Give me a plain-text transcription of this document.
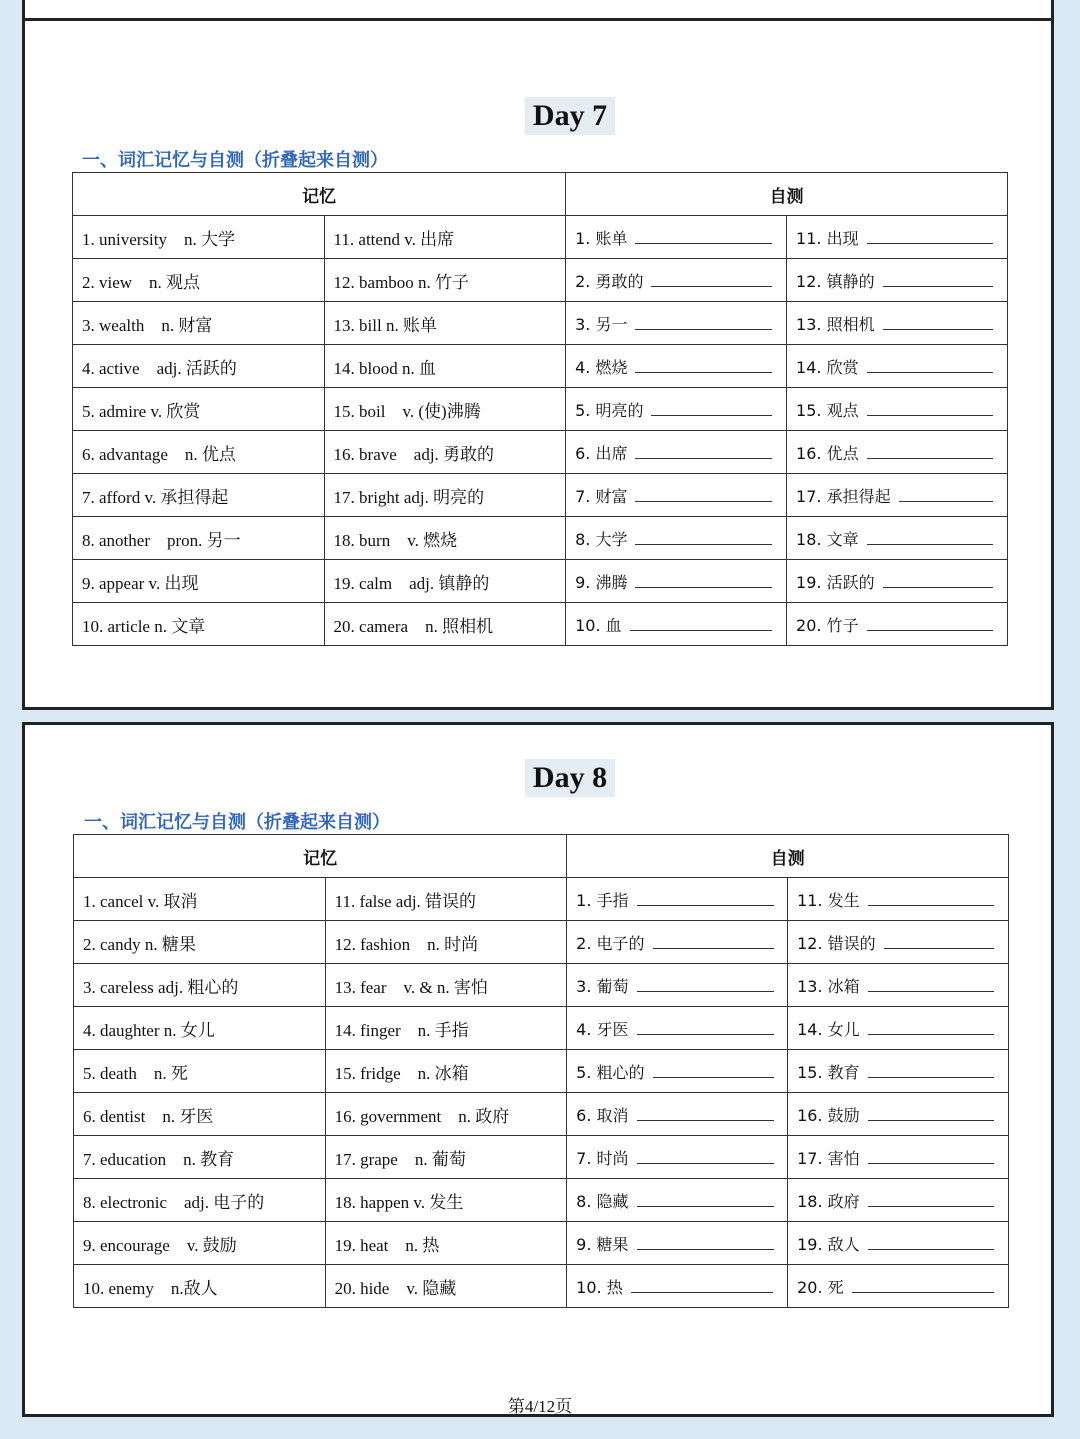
Day 7
一、词汇记忆与自测（折叠起来自测）
记忆		自测	
1. university　n. 大学	11. attend v. 出席	1. 账单	11. 出现
2. view　n. 观点	12. bamboo n. 竹子	2. 勇敢的	12. 镇静的
3. wealth　n. 财富	13. bill n. 账单	3. 另一	13. 照相机
4. active　adj. 活跃的	14. blood n. 血	4. 燃烧	14. 欣赏
5. admire v. 欣赏	15. boil　v. (使)沸腾	5. 明亮的	15. 观点
6. advantage　n. 优点	16. brave　adj. 勇敢的	6. 出席	16. 优点
7. afford v. 承担得起	17. bright adj. 明亮的	7. 财富	17. 承担得起
8. another　pron. 另一	18. burn　v. 燃烧	8. 大学	18. 文章
9. appear v. 出现	19. calm　adj. 镇静的	9. 沸腾	19. 活跃的
10. article n. 文章	20. camera　n. 照相机	10. 血	20. 竹子
Day 8
一、词汇记忆与自测（折叠起来自测）
记忆		自测	
1. cancel v. 取消	11. false adj. 错误的	1. 手指	11. 发生
2. candy n. 糖果	12. fashion　n. 时尚	2. 电子的	12. 错误的
3. careless adj. 粗心的	13. fear　v. & n. 害怕	3. 葡萄	13. 冰箱
4. daughter n. 女儿	14. finger　n. 手指	4. 牙医	14. 女儿
5. death　n. 死	15. fridge　n. 冰箱	5. 粗心的	15. 教育
6. dentist　n. 牙医	16. government　n. 政府	6. 取消	16. 鼓励
7. education　n. 教育	17. grape　n. 葡萄	7. 时尚	17. 害怕
8. electronic　adj. 电子的	18. happen v. 发生	8. 隐藏	18. 政府
9. encourage　v. 鼓励	19. heat　n. 热	9. 糖果	19. 敌人
10. enemy　n.敌人	20. hide　v. 隐藏	10. 热	20. 死
第4/12页
